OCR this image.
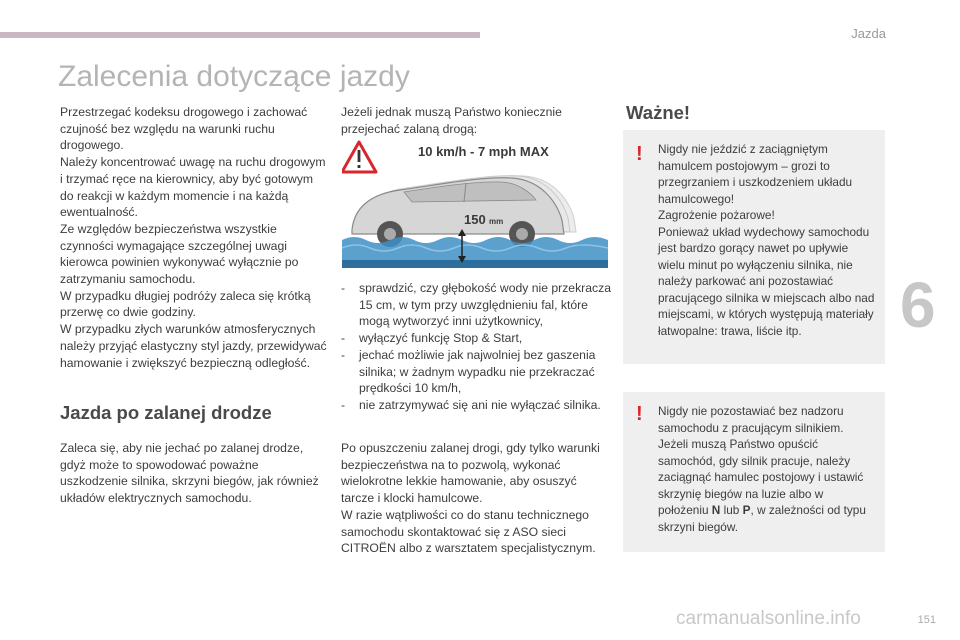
Jazda
6
Zalecenia dotyczące jazdy

Przestrzegać kodeksu drogowego i zachować czujność bez względu na warunki ruchu drogowego.

Należy koncentrować uwagę na ruchu drogowym i trzymać ręce na kierownicy, aby być gotowym do reakcji w każdym momencie i na każdą ewentualność.

Ze względów bezpieczeństwa wszystkie czynności wymagające szczególnej uwagi kierowca powinien wykonywać wyłącznie po zatrzymaniu samochodu.

W przypadku długiej podróży zaleca się krótką przerwę co dwie godziny.

W przypadku złych warunków atmosferycznych należy przyjąć elastyczny styl jazdy, przewidywać hamowanie i zwiększyć bezpieczną odległość.

Jazda po zalanej drodze
Zaleca się, aby nie jechać po zalanej drodze, gdyż może to spowodować poważne uszkodzenie silnika, skrzyni biegów, jak również układów elektrycznych samochodu.

Jeżeli jednak muszą Państwo koniecznie przejechać zalaną drogą:

10 km/h - 7 mph MAX
150 mm
- sprawdzić, czy głębokość wody nie przekracza 15 cm, w tym przy uwzględnieniu fal, które mogą wytworzyć inni użytkownicy,
- wyłączyć funkcję Stop & Start,
- jechać możliwie jak najwolniej bez gaszenia silnika; w żadnym wypadku nie przekraczać prędkości 10 km/h,
- nie zatrzymywać się ani nie wyłączać silnika.

Po opuszczeniu zalanej drogi, gdy tylko warunki bezpieczeństwa na to pozwolą, wykonać wielokrotne lekkie hamowanie, aby osuszyć tarcze i klocki hamulcowe.

W razie wątpliwości co do stanu technicznego samochodu skontaktować się z ASO sieci CITROËN albo z warsztatem specjalistycznym.

Ważne!
! Nigdy nie jeździć z zaciągniętym hamulcem postojowym – grozi to przegrzaniem i uszkodzeniem układu hamulcowego!

Zagrożenie pożarowe!

Ponieważ układ wydechowy samochodu jest bardzo gorący nawet po upływie wielu minut po wyłączeniu silnika, nie należy parkować ani pozostawiać pracującego silnika w miejscach albo nad miejscami, w których występują materiały łatwopalne: trawa, liście itp.

! Nigdy nie pozostawiać bez nadzoru samochodu z pracującym silnikiem.

Jeżeli muszą Państwo opuścić samochód, gdy silnik pracuje, należy zaciągnąć hamulec postojowy i ustawić skrzynię biegów na luzie albo w położeniu N lub P, w zależności od typu skrzyni biegów.

carmanualsonline.info	151
